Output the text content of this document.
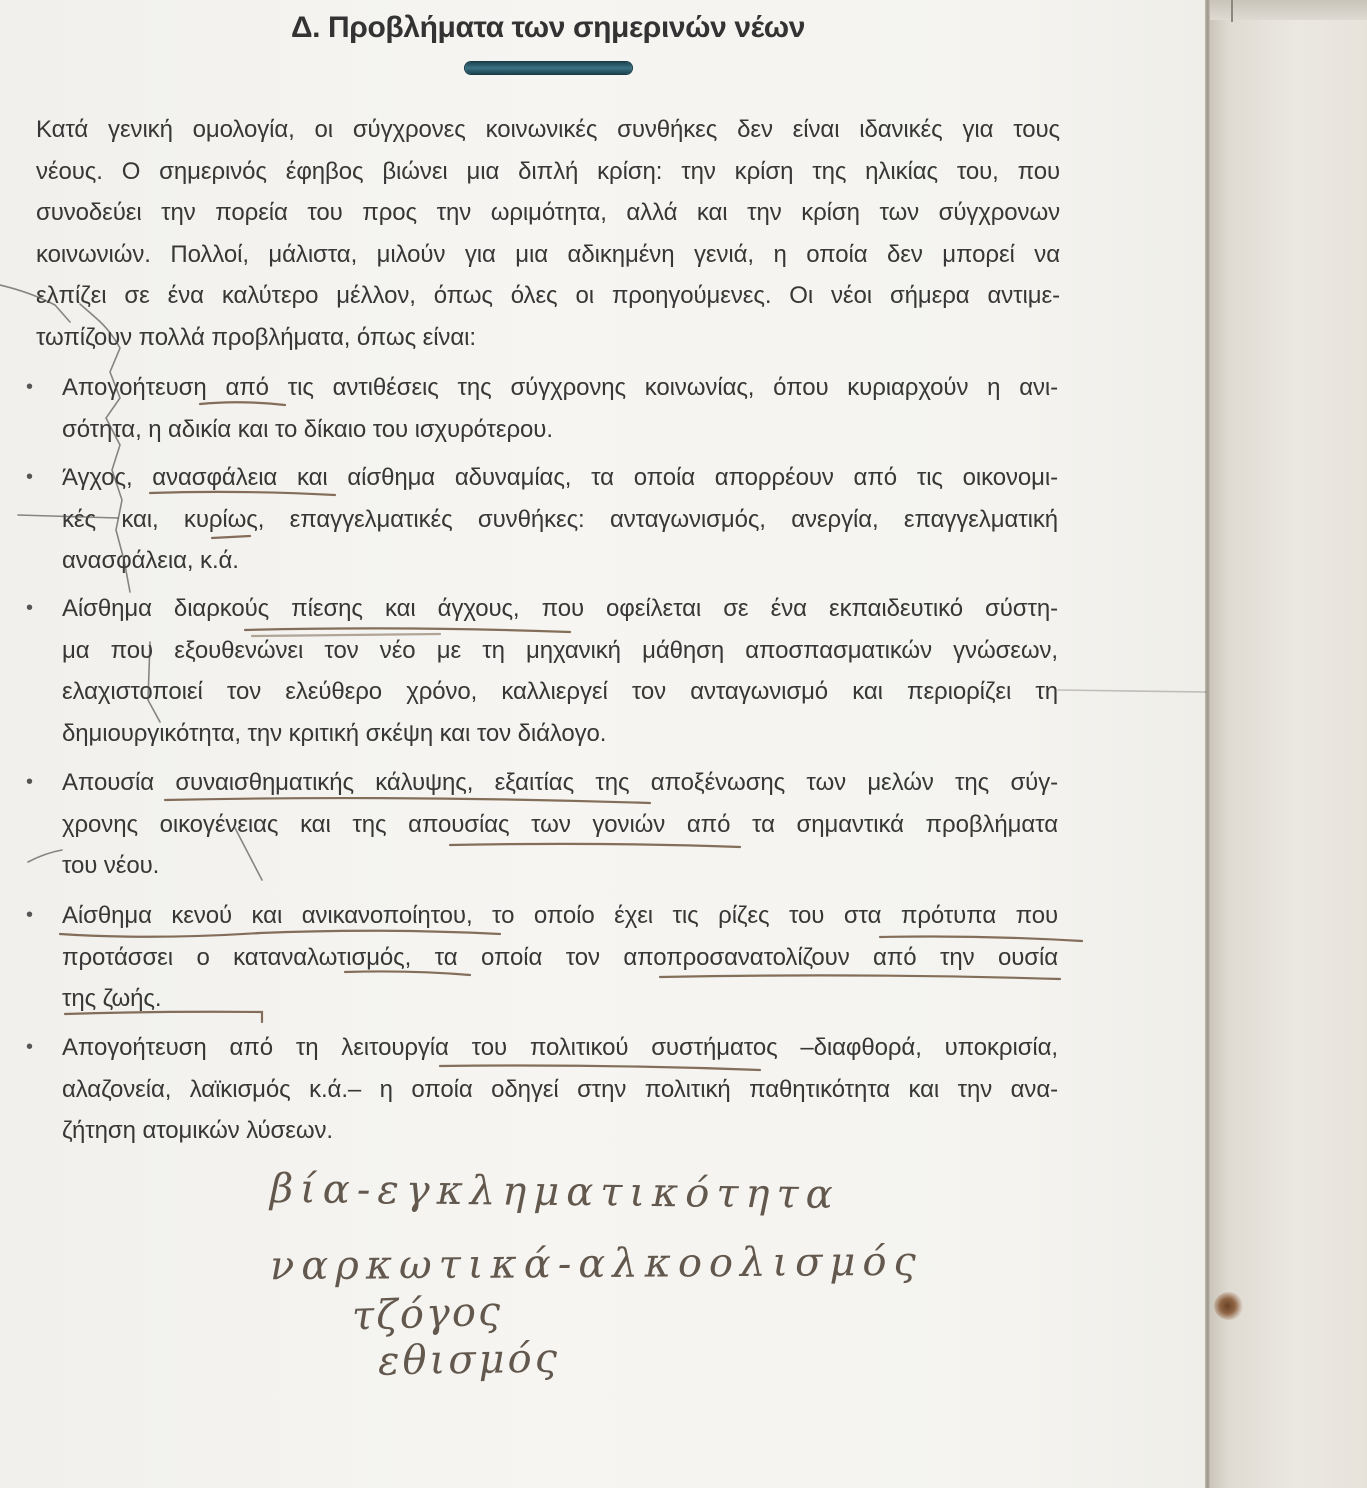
Δ. Προβλήματα των σημερινών νέων
Κατά γενική ομολογία, οι σύγχρονες κοινωνικές συνθήκες δεν είναι ιδανικές για τους
νέους. Ο σημερινός έφηβος βιώνει μια διπλή κρίση: την κρίση της ηλικίας του, που
συνοδεύει την πορεία του προς την ωριμότητα, αλλά και την κρίση των σύγχρονων
κοινωνιών. Πολλοί, μάλιστα, μιλούν για μια αδικημένη γενιά, η οποία δεν μπορεί να
ελπίζει σε ένα καλύτερο μέλλον, όπως όλες οι προηγούμενες. Οι νέοι σήμερα αντιμε-
τωπίζουν πολλά προβλήματα, όπως είναι:
• Απογοήτευση από τις αντιθέσεις της σύγχρονης κοινωνίας, όπου κυριαρχούν η ανι-
σότητα, η αδικία και το δίκαιο του ισχυρότερου.
• Άγχος, ανασφάλεια και αίσθημα αδυναμίας, τα οποία απορρέουν από τις οικονομι-
κές και, κυρίως, επαγγελματικές συνθήκες: ανταγωνισμός, ανεργία, επαγγελματική
ανασφάλεια, κ.ά.
• Αίσθημα διαρκούς πίεσης και άγχους, που οφείλεται σε ένα εκπαιδευτικό σύστη-
μα που εξουθενώνει τον νέο με τη μηχανική μάθηση αποσπασματικών γνώσεων,
ελαχιστοποιεί τον ελεύθερο χρόνο, καλλιεργεί τον ανταγωνισμό και περιορίζει τη
δημιουργικότητα, την κριτική σκέψη και τον διάλογο.
• Απουσία συναισθηματικής κάλυψης, εξαιτίας της αποξένωσης των μελών της σύγ-
χρονης οικογένειας και της απουσίας των γονιών από τα σημαντικά προβλήματα
του νέου.
• Αίσθημα κενού και ανικανοποίητου, το οποίο έχει τις ρίζες του στα πρότυπα που
προτάσσει ο καταναλωτισμός, τα οποία τον αποπροσανατολίζουν από την ουσία
της ζωής.
• Απογοήτευση από τη λειτουργία του πολιτικού συστήματος –διαφθορά, υποκρισία,
αλαζονεία, λαϊκισμός κ.ά.– η οποία οδηγεί στην πολιτική παθητικότητα και την ανα-
ζήτηση ατομικών λύσεων.
βία-εγκληματικότητα
ναρκωτικά-αλκοολισμός
τζόγος
εθισμός
